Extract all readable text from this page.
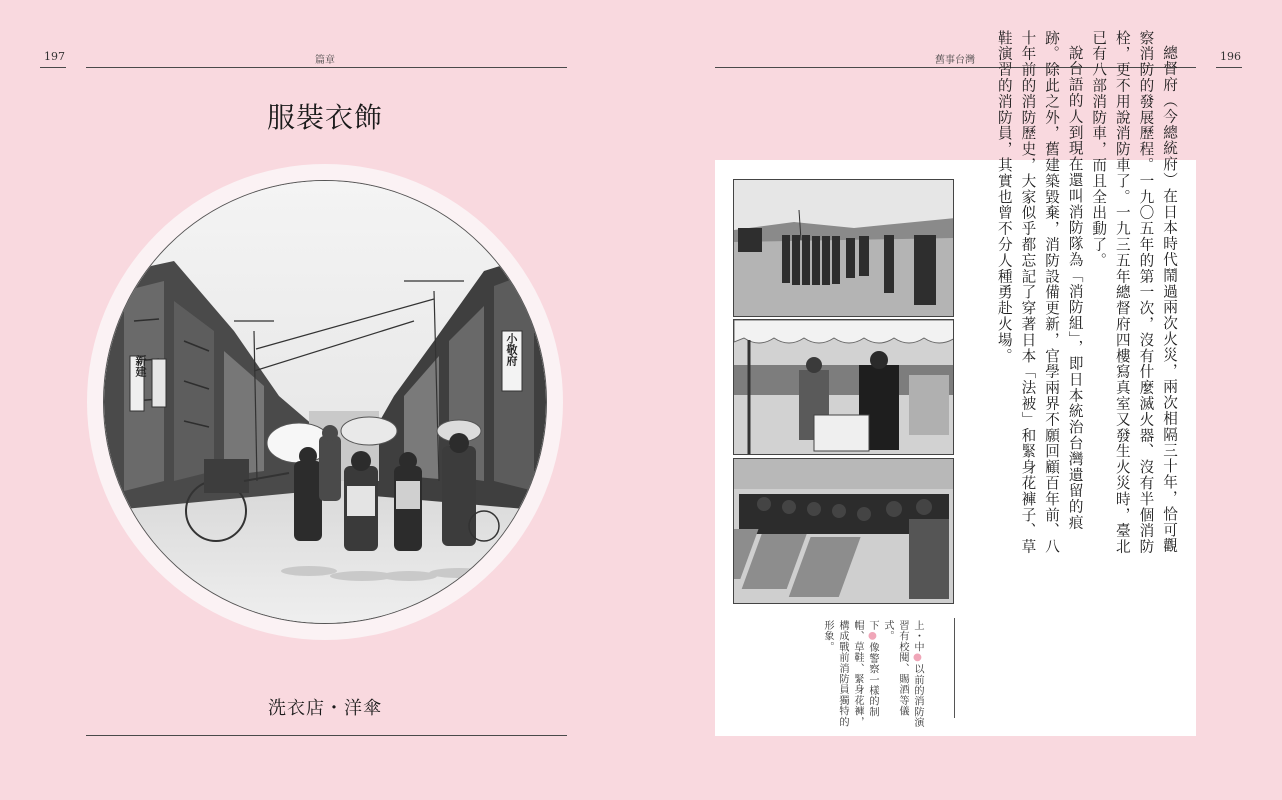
197	篇章
服裝衣飾
新建	小敬府
洗衣店・洋傘
舊事台灣	196

總督府（今總統府）在日本時代鬧過兩次火災，兩次相隔三十年，恰可觀察消防的發展歷程。一九〇五年的第一次，沒有什麼滅火器、沒有半個消防栓，更不用說消防車了。一九三五年總督府四樓寫真室又發生火災時，臺北已有八部消防車，而且全出動了。

說台語的人到現在還叫消防隊為「消防組」，即日本統治台灣遺留的痕跡。除此之外，舊建築毀棄，消防設備更新，官學兩界不願回顧百年前、八十年前的消防歷史，大家似乎都忘記了穿著日本「法被」和緊身花褲子、草鞋演習的消防員，其實也曾不分人種勇赴火場。

上・中●以前的消防演習有校閱、賜酒等儀式。

下●像警察一樣的制帽、草鞋、緊身花褲，構成戰前消防員獨特的形象。
